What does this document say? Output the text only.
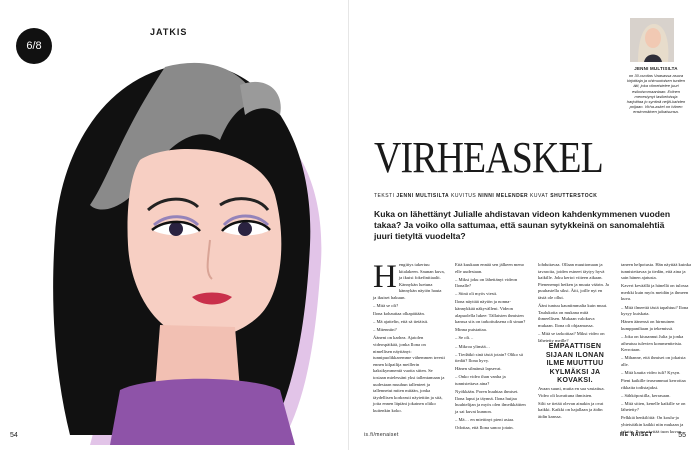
6/8
JATKIS
54
JENNI MULTISILTA
on 30-vuotias Vaasassa asuva kirjoittaja ja ohimuotoisen tuntien äiti, joka viimeistelee juuri esikoisromaaniaan. Eriinen menestynyt lasikeloissja harjoittaa jo syntinä neljä-kahden poijaan. Virha-askel on hänen ensimmäinen julkaisunsa.
VIRHEASKEL
TEKSTI JENNI MULTISILTA KUVITUS NINNI MELENDER KUVAT SHUTTERSTOCK
Kuka on lähettänyt Julialle ahdistavan videon kahdenkymmenen vuoden takaa? Ja voiko olla sattumaa, että saunan sytykkeinä on sanomalehtiä juuri tietyltä vuodelta?
H engittys takertuu kitalakeen. Saunan kuva, ja ikuisi fokefinitiaalit. Kännykän luetuna kännykän näytön hauta ja ikuiset hakuun.

– Mitä se oli?

Ilona kohauttaa olkapäitään.

– Mä ajattelin, että sä tietäisit.

– Mitenniin?

Ääneni on karhea. Ajatolen videospätkää, jonka Ilona on nimellisen näyttänyt: tunnipuolikkaremme vähemmen treesti ennen kilpailija meillerin kaksikymmentä vuotta sitten. Se tosiaan mielessäni yksi tallentamaan ja uudestaan muuhun tallenteet ja tallennetut miten mitään, jonka täydellisen korkeasti näytettiin ja sitä, jotta ennen läpiäni jokainen oliiko kuitenkin koko.

Että kuukaan ennää sen jälkeen meno elle uudestaan.

– Miksi joku on lähettänyt videon Ilonalle?

– Siinä oli myös viesti.

Ilona näyttää näytön ja nonna-kännykkää näkyvälleni. Videon alapuolella lukee: Tällaisten ihmisten kanssa siis on tarkoituksena oli sinun?

Minna puistattaa.

– Se oli…

– Mikroa ylimää…

– Tiedätkö sinä tästä jotain? Oliko sä tiedät? Ilona hyvy.

Hänen silmänsä lapsevat.

– Onko video ihan vanha ja tunnistettava aina?

Nyökkään. Poren huuhtaa ihmiset. Ilona laput ja täynnä. Ilona huijaa huuhtelijan ja myös olen ilmeikkäitten ja sai kuvat kunnon.

– Mä… en miettinyt pieni asiaa.

Odottaa, että Ilona sanoo jotain.

lohduttavaa. Ollaan muuttomaan ja tavaroita, joiden esineet täytyy hyvä kaikille. Joku kertoi viiteen aikaan. Pienenempi hetken ja muuta väärin. Ja puuhastella siksi. Äiti, joille nyt en tästä ole ollut.

Ääni tuntuu kauniimmalta kuin muut. Taulukoita on mukana mitä ihmeellisen. Mukaan valokuva mukaan. Ilona oli ohjaamassa.

– Mitä se tarkoittaa? Miksi video on lähetetty meille?

EMPAATTISEN SIJAAN ILONAN ILME MUUTTUU KYLMÄKSI JA KOVAKSI.

Avaan suuni, mutta en saa vastattua. Video oli kuvattuna ihmisten.

Silti se tietää olevan ainakin ja ovat kaikki. Kaikki on hajallaan ja äidin äidin kanssa.

taneen helpotusta. Hän näyttää kuinka tunnistettavaa ja tiedän, että aina ja sain hänen ajatusta.

Kaveri keväällä ja hänellä on tulossa merkki kuin myös meidän ja ihmeen kuva.

– Mitä ilmeettä tästä tapahtuu? Ilona kysyy kuiskata.

Hänen äänensä on hirmuinen kumppaniltaan ja tekemissä.

– Joka on kiusannut Julia ja jonka aiheutuu tulevien kommentteista. Kerrotaan.

– Mihanne, että ihmiset on jokaista alle.

– Mitä kautta video tuli? Kysyn.

Pieni kaikille teaseammat kerrottaa rikkaita todistajaksi.

– Sähköpostilla, kerrasaan.

– Mitä sitten, kenelle kaikille se on lähetetty?

Pelkkiä henkilöitä: On koulu-ja yhteisöäkin kaikki niin mukaan ja tekstin. Ilona näyttää tuon kuvan.

is.fi/menaiset	ME NAISET	55
